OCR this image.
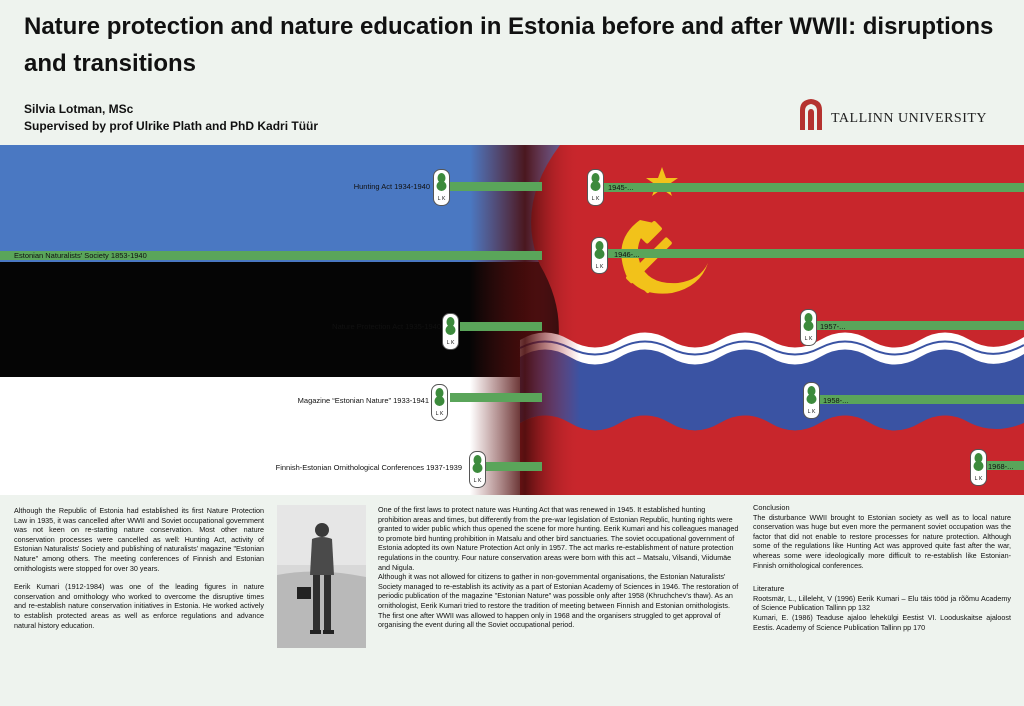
Nature protection and nature education in Estonia before and after WWII: disruptions and transitions
Silvia Lotman, MSc
Supervised by prof Ulrike Plath and PhD Kadri Tüür	TALLINN UNIVERSITY
Hunting Act 1934-1940
Estonian Naturalists' Society 1853-1940
Nature Protection Act 1935-1940
Magazine “Estonian Nature” 1933-1941
Finnish-Estonian Ornithological Conferences 1937-1939
1945-...
1946-...
1957-...
1958-...
1968-...
L K
L K
L K
L K
L K
L K
L K
L K
L K

Although the Republic of Estonia had established its first Nature Protection Law in 1935, it was cancelled after WWII and Soviet occupational government was not keen on re-starting nature conservation. Most other nature conservation processes were cancelled as well: Hunting Act, activity of Estonian Naturalists' Society and publishing of naturalists' magazine "Estonian Nature" among others. The meeting conferences of Finnish and Estonian ornithologists were stopped for over 30 years.

Eerik Kumari (1912-1984) was one of the leading figures in nature conservation and ornithology who worked to overcome the disruptive times and re-establish nature conservation initiatives in Estonia. He worked actively to establish protected areas as well as enforce regulations and advance natural history education.

One of the first laws to protect nature was Hunting Act that was renewed in 1945. It established hunting prohibition areas and times, but differently from the pre-war legislation of Estonian Republic, hunting rights were granted to wider public which thus opened the scene for more hunting. Eerik Kumari and his colleagues managed to promote bird hunting prohibition in Matsalu and other bird sanctuaries. The soviet occupational government of Estonia adopted its own Nature Protection Act only in 1957. The act marks re-establishment of nature protection regulations in the country. Four nature conservation areas were born with this act – Matsalu, Vilsandi, Viidumäe and Nigula.

Although it was not allowed for citizens to gather in non-governmental organisations, the Estonian Naturalists' Society managed to re-establish its activity as a part of Estonian Academy of Sciences in 1946. The restoration of periodic publication of the magazine "Estonian Nature" was possible only after 1958 (Khruchchev's thaw). As an ornithologist, Eerik Kumari tried to restore the tradition of meeting between Finnish and Estonian ornithologists. The first one after WWII was allowed to happen only in 1968 and the organisers struggled to get approval of organising the event during all the Soviet occupational period.

Conclusion

The disturbance WWII brought to Estonian society as well as to local nature conservation was huge but even more the permanent soviet occupation was the factor that did not enable to restore processes for nature protection. Although some of the regulations like Hunting Act was approved quite fast after the war, whereas some were ideologically more difficult to re-establish like Estonian-Finnish ornithological conferences.

Literature

Rootsmär, L., Lilleleht, V (1996) Eerik Kumari – Elu täis tööd ja rõõmu Academy of Science Publication Tallinn pp 132

Kumari, E. (1986) Teaduse ajaloo lehekülgi Eestist VI. Looduskaitse ajaloost Eestis. Academy of Science Publication Tallinn pp 170
